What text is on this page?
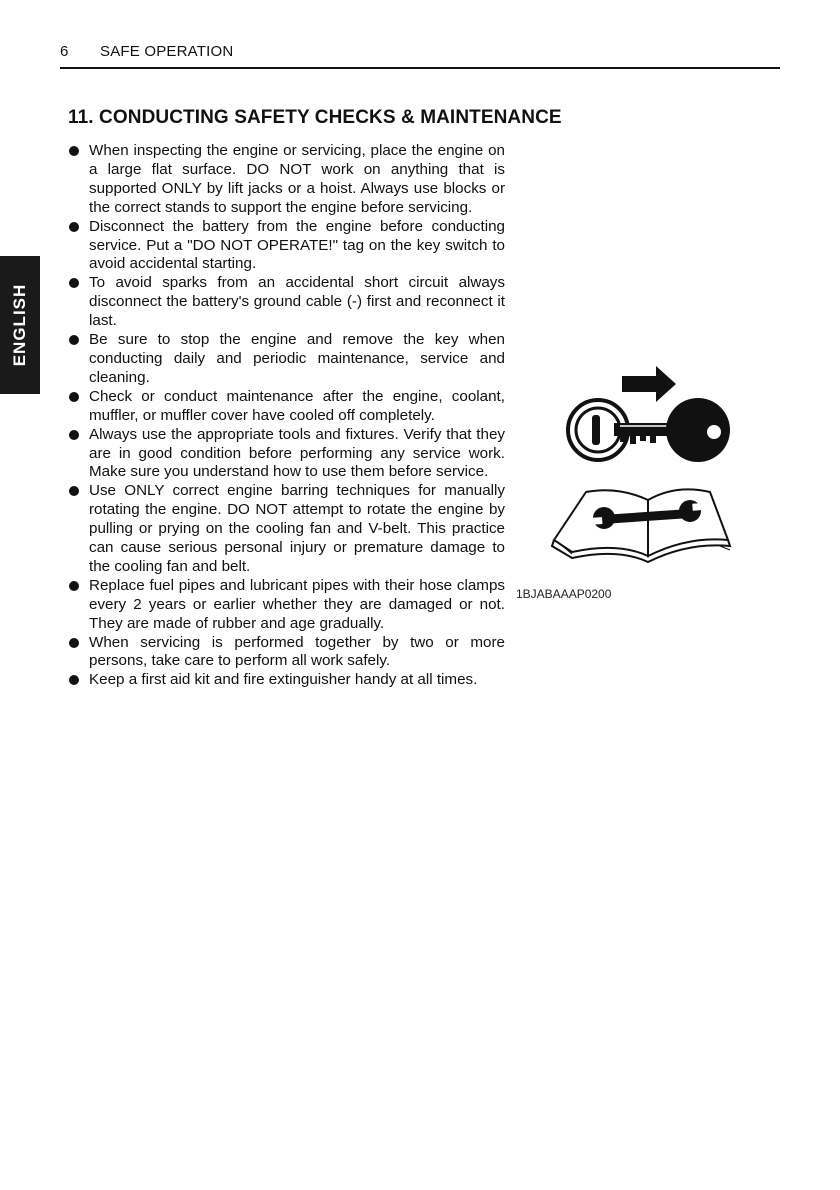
6 SAFE OPERATION
ENGLISH
11. CONDUCTING SAFETY CHECKS & MAINTENANCE
When inspecting the engine or servicing, place the engine on a large flat surface. DO NOT work on anything that is supported ONLY by lift jacks or a hoist. Always use blocks or the correct stands to support the engine before servicing.
Disconnect the battery from the engine before conducting service. Put a "DO NOT OPERATE!" tag on the key switch to avoid accidental starting.
To avoid sparks from an accidental short circuit always disconnect the battery's ground cable (-) first and reconnect it last.
Be sure to stop the engine and remove the key when conducting daily and periodic maintenance, service and cleaning.
Check or conduct maintenance after the engine, coolant, muffler, or muffler cover have cooled off completely.
Always use the appropriate tools and fixtures. Verify that they are in good condition before performing any service work. Make sure you understand how to use them before service.
Use ONLY correct engine barring techniques for manually rotating the engine. DO NOT attempt to rotate the engine by pulling or prying on the cooling fan and V-belt. This practice can cause serious personal injury or premature damage to the cooling fan and belt.
Replace fuel pipes and lubricant pipes with their hose clamps every 2 years or earlier whether they are damaged or not. They are made of rubber and age gradually.
When servicing is performed together by two or more persons, take care to perform all work safely.
Keep a first aid kit and fire extinguisher handy at all times.
1BJABAAAP0200
